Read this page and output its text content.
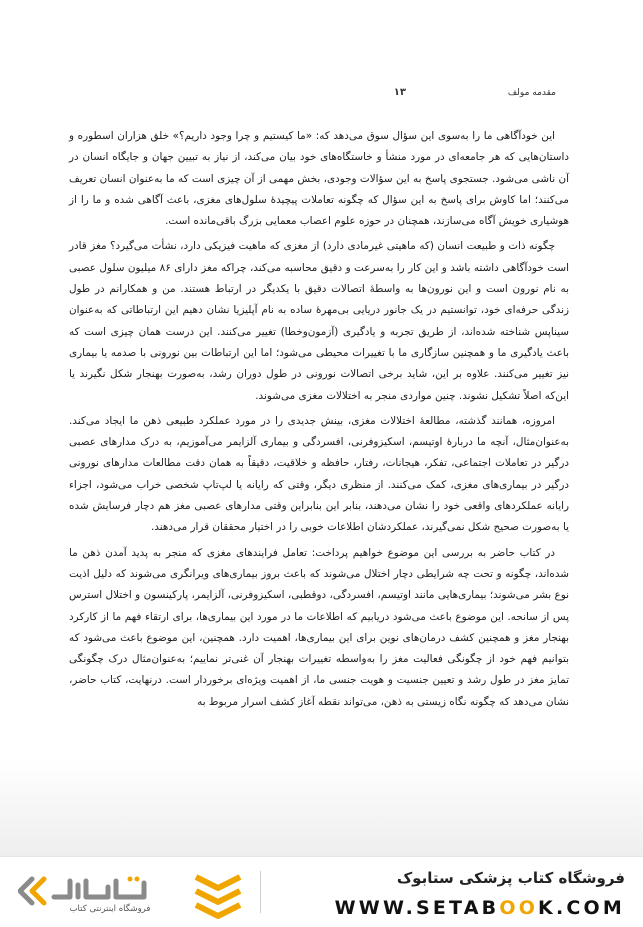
مقدمه مولف
۱۳

این خودآگاهی ما را به‌سوی این سؤال سوق می‌دهد که: «ما کیستیم و چرا وجود داریم؟» خلق هزاران اسطوره و داستان‌هایی که هر جامعه‌ای در مورد منشأ و خاستگاه‌های خود بیان می‌کند، از نیاز به تبیین جهان و جایگاه انسان در آن ناشی می‌شود. جستجوی پاسخ به این سؤالات وجودی، بخش مهمی از آن چیزی است که ما به‌عنوان انسان تعریف می‌کنند؛ اما کاوش برای پاسخ به این سؤال که چگونه تعاملات پیچیدهٔ سلول‌های مغزی، باعث آگاهی شده و ما را از هوشیاری خویش آگاه می‌سازند، همچنان در حوزه علوم اعصاب معمایی بزرگ باقی‌مانده است.

چگونه ذات و طبیعت انسان (که ماهیتی غیرمادی دارد) از مغزی که ماهیت فیزیکی دارد، نشأت می‌گیرد؟ مغز قادر است خودآگاهی داشته باشد و این کار را به‌سرعت و دقیق محاسبه می‌کند، چراکه مغز دارای ۸۶ میلیون سلول عصبی به نام نورون است و این نورون‌ها به واسطهٔ اتصالات دقیق با یکدیگر در ارتباط هستند. من و همکارانم در طول زندگی حرفه‌ای خود، توانستیم در یک جانور دریایی بی‌مهرهٔ ساده به نام آپلیزیا نشان دهیم این ارتباطاتی که به‌عنوان سیناپس شناخته شده‌اند، از طریق تجربه و یادگیری (آزمون‌وخطا) تغییر می‌کنند. این درست همان چیزی است که باعث یادگیری ما و همچنین سازگاری ما با تغییرات محیطی می‌شود؛ اما این ارتباطات بین نورونی با صدمه یا بیماری نیز تغییر می‌کنند. علاوه بر این، شاید برخی اتصالات نورونی در طول دوران رشد، به‌صورت بهنجار شکل نگیرند یا این‌که اصلاً تشکیل نشوند. چنین مواردی منجر به اختلالات مغزی می‌شوند.

امروزه، همانند گذشته، مطالعهٔ اختلالات مغزی، بینش جدیدی را در مورد عملکرد طبیعی ذهن ما ایجاد می‌کند. به‌عنوان‌مثال، آنچه ما دربارهٔ اوتیسم، اسکیزوفرنی، افسردگی و بیماری آلزایمر می‌آموزیم، به درک مدارهای عصبی درگیر در تعاملات اجتماعی، تفکر، هیجانات، رفتار، حافظه و خلاقیت، دقیقاً به همان دقت مطالعات مدارهای نورونی درگیر در بیماری‌های مغزی، کمک می‌کنند. از منظری دیگر، وقتی که رایانه یا لپ‌تاپ شخصی خراب می‌شود، اجزاء رایانه عملکردهای واقعی خود را نشان می‌دهند، بنابر این بنابراین وقتی مدارهای عصبی مغز هم دچار فرسایش شده یا به‌صورت صحیح شکل نمی‌گیرند، عملکردشان اطلاعات خوبی را در اختیار محققان قرار می‌دهند.

در کتاب حاضر به بررسی این موضوع خواهیم پرداخت: تعامل فرایندهای مغزی که منجر به پدید آمدن ذهن ما شده‌اند، چگونه و تحت چه شرایطی دچار اختلال می‌شوند که باعث بروز بیماری‌های ویرانگری می‌شوند که دلیل اذیت نوع بشر می‌شوند؛ بیماری‌هایی مانند اوتیسم، افسردگی، دوقطبی، اسکیزوفرنی، آلزایمر، پارکینسون و اختلال استرس پس از سانحه. این موضوع باعث می‌شود دریابیم که اطلاعات ما در مورد این بیماری‌ها، برای ارتقاء فهم ما از کارکرد بهنجار مغز و همچنین کشف درمان‌های نوین برای این بیماری‌ها، اهمیت دارد. همچنین، این موضوع باعث می‌شود که بتوانیم فهم خود از چگونگی فعالیت مغز را به‌واسطه تغییرات بهنجار آن غنی‌تر نماییم؛ به‌عنوان‌مثال درک چگونگی تمایز مغز در طول رشد و تعیین جنسیت و هویت جنسی ما، از اهمیت ویژه‌ای برخوردار است. درنهایت، کتاب حاضر، نشان می‌دهد که چگونه نگاه زیستی به ذهن، می‌تواند نقطه آغاز کشف اسرار مربوط به

فروشگاه اینترنتی کتاب
فروشگاه کتاب پزشکی ستابوک
WWW.SETABOOK.COM
